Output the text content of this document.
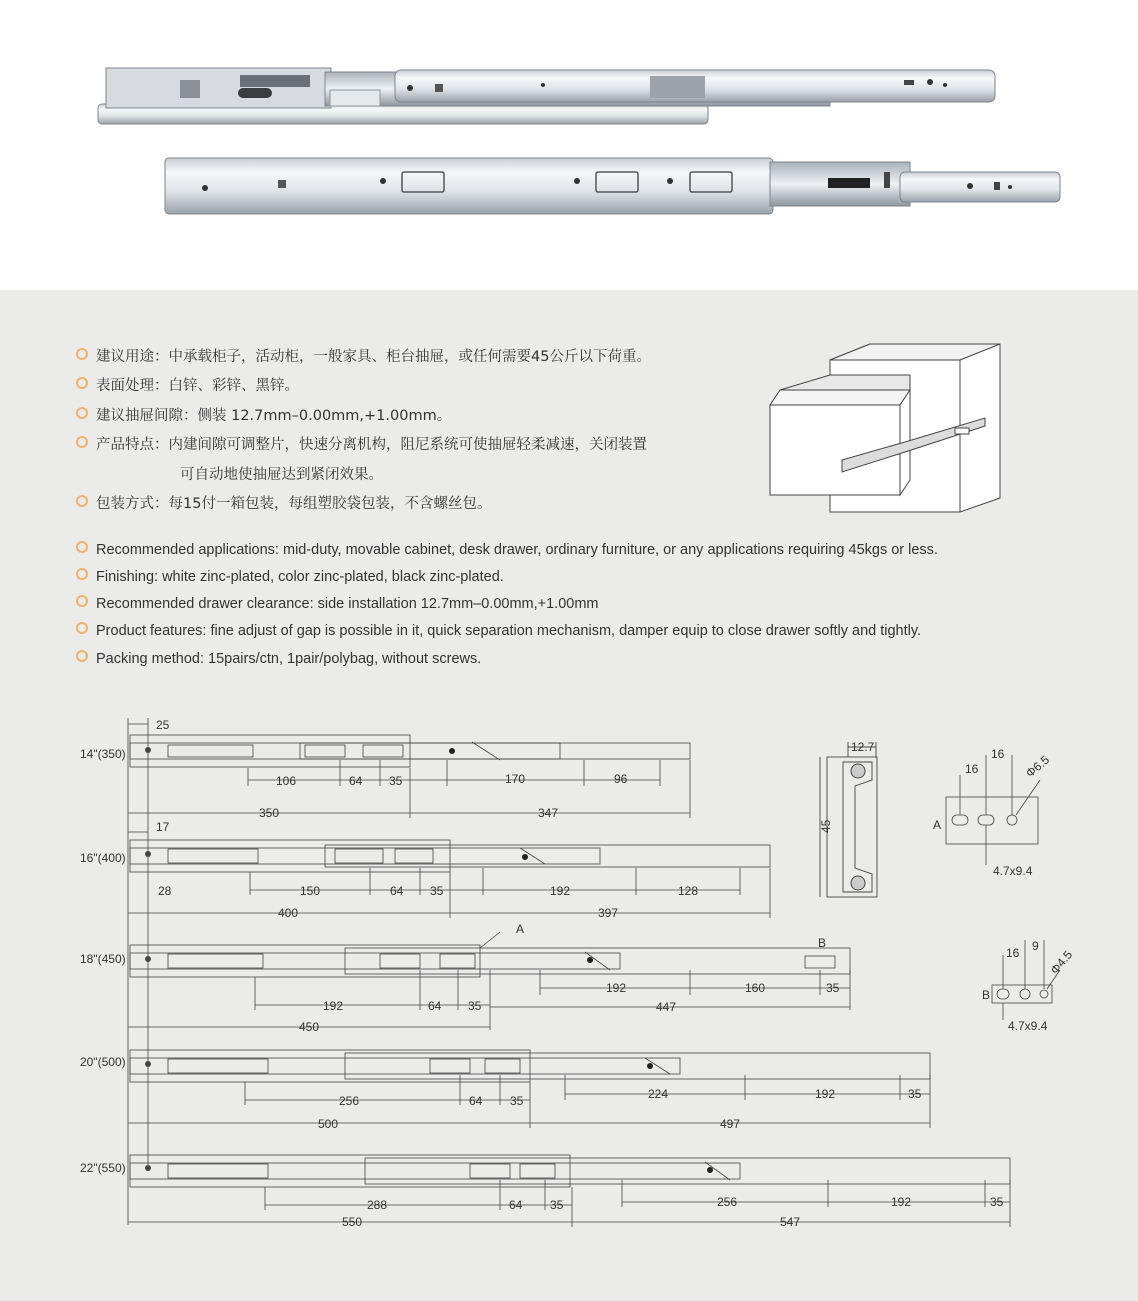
建议用途：中承载柜子，活动柜，一般家具、柜台抽屉，或任何需要45公斤以下荷重。
表面处理：白锌、彩锌、黑锌。
建议抽屉间隙：侧装 12.7mm–0.00mm,+1.00mm。
产品特点：内建间隙可调整片，快速分离机构，阻尼系统可使抽屉轻柔减速，关闭装置
可自动地使抽屉达到紧闭效果。
包装方式：每15付一箱包装，每组塑胶袋包装，不含螺丝包。
Recommended applications: mid-duty, movable cabinet, desk drawer, ordinary furniture, or any applications requiring 45kgs or less.
Finishing: white zinc-plated, color zinc-plated, black zinc-plated.
Recommended drawer clearance: side installation 12.7mm–0.00mm,+1.00mm
Product features: fine adjust of gap is possible in it, quick separation mechanism, damper equip to close drawer softly and tightly.
Packing method: 15pairs/ctn, 1pair/polybag, without screws.
25
17
28
14"(350)
106	64 35	170	96
350	347
16"(400)
150	64 35	192	128
400	397
18"(450)
A
B
192	64 35
192	160	35
450
447
20"(500)
256	64 35	224	192	35
500	497
22"(550)
288	64 35	256	192	35
550	547
12.7
45	A
16
16 Φ6.5
4.7x9.4
B
16 9
Φ4.5
4.7x9.4
